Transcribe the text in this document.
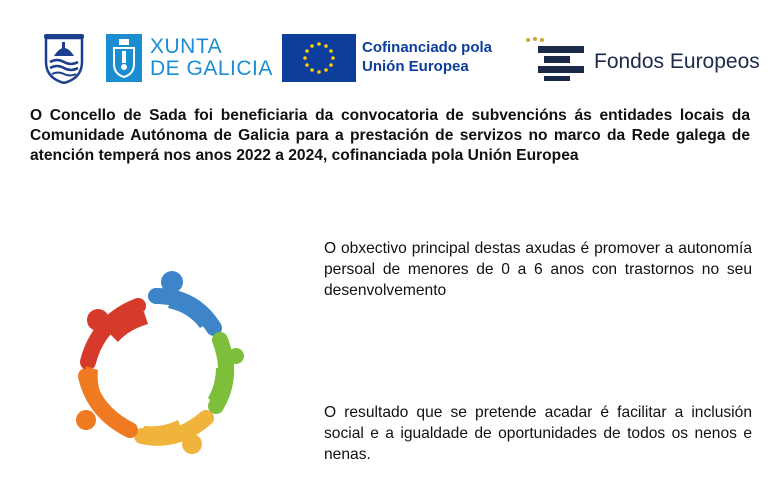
XUNTA
DE GALICIA
Cofinanciado pola
Unión Europea	Fondos Europeos

O Concello de Sada foi beneficiaria da convocatoria de subvencións ás entidades locais da Comunidade Autónoma de Galicia para a prestación de servizos no marco da Rede galega de atención temperá nos anos 2022 a 2024, cofinanciada pola Unión Europea

O obxectivo principal destas axudas é promover a autonomía persoal de menores de 0 a 6 anos con trastornos no seu desenvolvemento

O resultado que se pretende acadar é facilitar a inclusión social e a igualdade de oportunidades de todos os nenos e nenas.
